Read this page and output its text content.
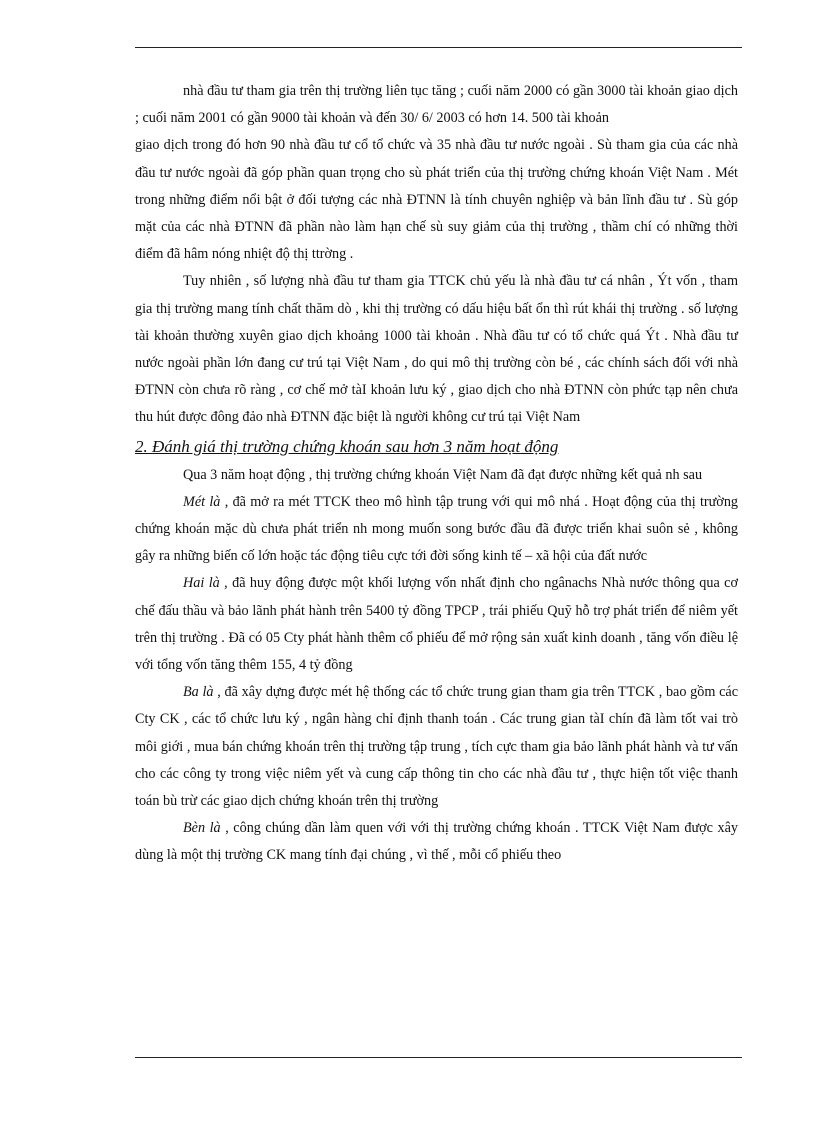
nhà đầu tư tham gia trên thị trường liên tục tăng ; cuối năm 2000 có gần 3000 tài khoản giao dịch ; cuối năm 2001 có gần 9000 tài khoản và đến 30/ 6/ 2003 có hơn 14. 500 tài khoản

giao dịch trong đó hơn 90 nhà đầu tư cổ tổ chức và 35 nhà đầu tư nước ngoài . Sù tham gia của các nhà đầu tư nước ngoài đã góp phần quan trọng cho sù phát triển của thị trường chứng khoán Việt Nam . Mét trong những điểm nổi bật ở đối tượng các nhà ĐTNN là tính chuyên nghiệp và bản lĩnh đầu tư . Sù góp mặt của các nhà ĐTNN đã phần nào làm hạn chế sù suy giảm của thị trường , thầm chí có những thời điểm đã hâm nóng nhiệt độ thị ttrờng .

Tuy nhiên , số lượng nhà đầu tư tham gia TTCK chủ yếu là nhà đầu tư cá nhân , Ýt vốn , tham gia thị trường mang tính chất thăm dò , khi thị trường có dấu hiệu bất ổn thì rút khái thị trường . số lượng tài khoản thường xuyên giao dịch khoảng 1000 tài khoản . Nhà đầu tư có tổ chức quá Ýt . Nhà đầu tư nước ngoài phần lớn đang cư trú tại Việt Nam , do qui mô thị trường còn bé , các chính sách đối với nhà ĐTNN còn chưa rõ ràng , cơ chế mở tàI khoản lưu ký , giao dịch cho nhà ĐTNN còn phức tạp nên chưa thu hút được đông đảo nhà ĐTNN đặc biệt là người không cư trú tại Việt Nam

2. Đánh giá thị trường chứng khoán sau hơn 3 năm hoạt động

Qua 3 năm hoạt động , thị trường chứng khoán Việt Nam đã đạt được những kết quả nh sau

Mét là , đã mở ra mét TTCK theo mô hình tập trung với qui mô nhá . Hoạt động của thị trường chứng khoán mặc dù chưa phát triển nh mong muốn song bước đầu đã được triển khai suôn sẻ , không gây ra những biến cố lớn hoặc tác động tiêu cực tới đời sống kinh tế – xã hội của đất nước

Hai là , đã huy động được một khối lượng vốn nhất định cho ngânachs Nhà nước thông qua cơ chế đấu thầu và bảo lãnh phát hành trên 5400 tỷ đồng TPCP , trái phiếu Quỹ hỗ trợ phát triển để niêm yết trên thị trường . Đã có 05 Cty phát hành thêm cổ phiếu để mở rộng sản xuất kinh doanh , tăng vốn điều lệ với tổng vốn tăng thêm 155, 4 tỷ đồng

Ba là , đã xây dựng được mét hệ thống các tổ chức trung gian tham gia trên TTCK , bao gồm các Cty CK , các tổ chức lưu ký , ngân hàng chỉ định thanh toán . Các trung gian tàI chín đã làm tốt vai trò môi giới , mua bán chứng khoán trên thị trường tập trung , tích cực tham gia bảo lãnh phát hành và tư vấn cho các công ty trong việc niêm yết và cung cấp thông tin cho các nhà đầu tư , thực hiện tốt việc thanh toán bù trừ các giao dịch chứng khoán trên thị trường

Bèn là , công chúng dần làm quen với với thị trường chứng khoán . TTCK Việt Nam được xây dùng là một thị trường CK mang tính đại chúng , vì thế , mỗi cổ phiếu theo
